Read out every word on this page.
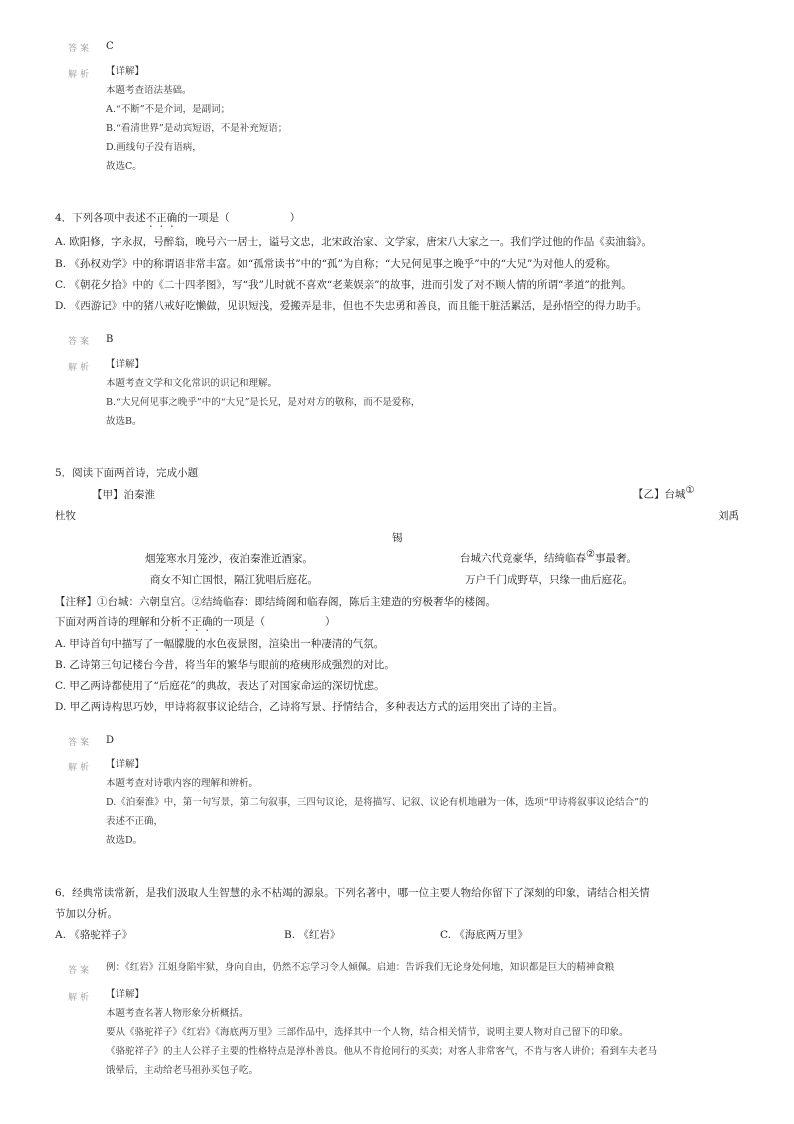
答案 C
解析 【详解】
本题考查语法基础。
A.“不断”不是介词，是副词；
B.“看清世界”是动宾短语，不是补充短语；
D.画线句子没有语病，
故选C。
4．下列各项中表述不正确的一项是（	）
A. 欧阳修，字永叔，号醉翁，晚号六一居士，谥号文忠，北宋政治家、文学家，唐宋八大家之一。我们学过他的作品《卖油翁》。
B. 《孙权劝学》中的称谓语非常丰富。如“孤常读书”中的“孤”为自称；“大兄何见事之晚乎”中的“大兄”为对他人的爱称。
C. 《朝花夕拾》中的《二十四孝图》，写“我”儿时就不喜欢“老莱娱亲”的故事，进而引发了对不顾人情的所谓“孝道”的批判。
D. 《西游记》中的猪八戒好吃懒做，见识短浅，爱搬弄是非，但也不失忠勇和善良，而且能干脏活累活，是孙悟空的得力助手。
答案 B
解析 【详解】
本题考查文学和文化常识的识记和理解。
B.“大兄何见事之晚乎”中的“大兄”是长兄，是对对方的敬称，而不是爱称，
故选B。
5．阅读下面两首诗，完成小题
【甲】泊秦淮	【乙】台城①
杜牧	刘禹
锡
烟笼寒水月笼沙，夜泊秦淮近酒家。	台城六代竞豪华，结绮临春②事最奢。
商女不知亡国恨，隔江犹唱后庭花。	万户千门成野草，只缘一曲后庭花。
【注释】①台城：六朝皇宫。②结绮临春：即结绮阁和临春阁，陈后主建造的穷极奢华的楼阁。
下面对两首诗的理解和分析不正确的一项是（	）
A. 甲诗首句中描写了一幅朦胧的水色夜景图，渲染出一种凄清的气氛。
B. 乙诗第三句记楼台今昔，将当年的繁华与眼前的疮痍形成强烈的对比。
C. 甲乙两诗都使用了“后庭花”的典故，表达了对国家命运的深切忧虑。
D. 甲乙两诗构思巧妙，甲诗将叙事议论结合，乙诗将写景、抒情结合，多种表达方式的运用突出了诗的主旨。
答案 D
解析 【详解】
本题考查对诗歌内容的理解和辨析。
D.《泊秦淮》中，第一句写景，第二句叙事，三四句议论，是将描写、记叙、议论有机地融为一体，选项“甲诗将叙事议论结合”的
表述不正确，
故选D。
6．经典常读常新，是我们汲取人生智慧的永不枯竭的源泉。下列名著中，哪一位主要人物给你留下了深刻的印象，请结合相关情
节加以分析。
A. 《骆驼祥子》	B. 《红岩》	C. 《海底两万里》
答案 例：《红岩》江姐身陷牢狱，身向自由，仍然不忘学习令人倾佩。启迪：告诉我们无论身处何地，知识都是巨大的精神食粮
解析 【详解】
本题考查名著人物形象分析概括。
要从《骆驼祥子》《红岩》《海底两万里》三部作品中，选择其中一个人物，结合相关情节，说明主要人物对自己留下的印象。
《骆驼祥子》的主人公祥子主要的性格特点是淳朴善良。他从不肯抢同行的买卖；对客人非常客气，不肯与客人讲价；看到车夫老马
饿晕后，主动给老马祖孙买包子吃。
